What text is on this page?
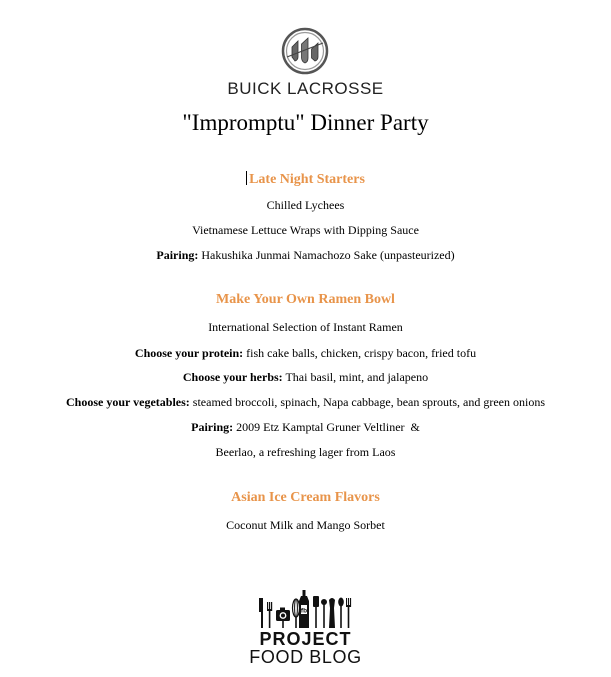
BUICK LACROSSE
"Impromptu" Dinner Party
Late Night Starters
Chilled Lychees
Vietnamese Lettuce Wraps with Dipping Sauce
Pairing: Hakushika Junmai Namachozo Sake (unpasteurized)
Make Your Own Ramen Bowl
International Selection of Instant Ramen
Choose your protein: fish cake balls, chicken, crispy bacon, fried tofu
Choose your herbs: Thai basil, mint, and jalapeno
Choose your vegetables: steamed broccoli, spinach, Napa cabbage, bean sprouts, and green onions
Pairing: 2009 Etz Kamptal Gruner Veltliner  &
Beerlao, a refreshing lager from Laos
Asian Ice Cream Flavors
Coconut Milk and Mango Sorbet
fb
PROJECT
FOOD BLOG
